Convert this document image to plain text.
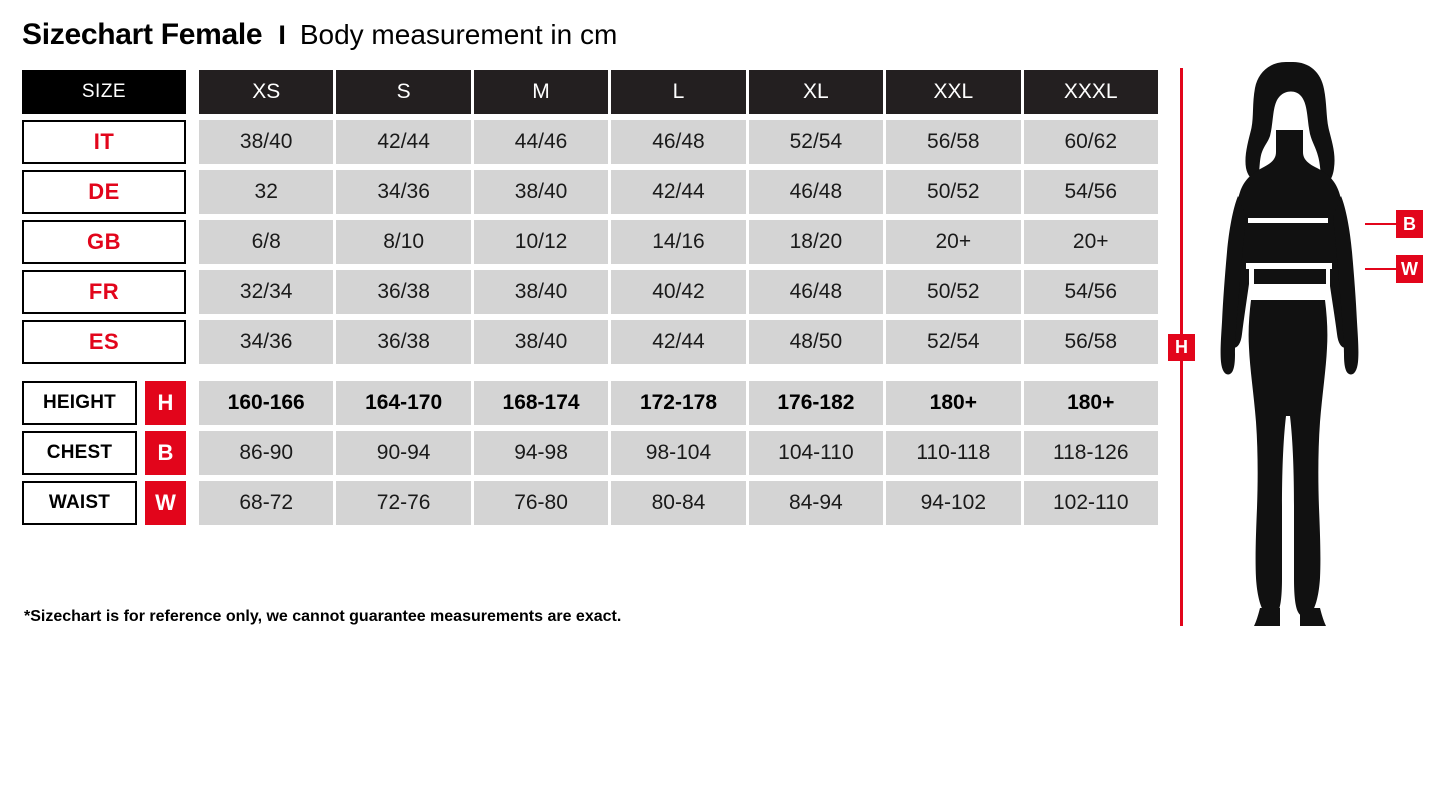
Sizechart Female I Body measurement in cm
SIZE	XS	S	M	L	XL	XXL	XXXL
IT	38/40	42/44	44/46	46/48	52/54	56/58	60/62
DE	32	34/36	38/40	42/44	46/48	50/52	54/56
GB	6/8	8/10	10/12	14/16	18/20	20+	20+
FR	32/34	36/38	38/40	40/42	46/48	50/52	54/56
ES	34/36	36/38	38/40	42/44	48/50	52/54	56/58
HEIGHT	H	160-166	164-170	168-174	172-178	176-182	180+	180+
CHEST	B	86-90	90-94	94-98	98-104	104-110	110-118	118-126
WAIST	W	68-72	72-76	76-80	80-84	84-94	94-102	102-110
*Sizechart is for reference only, we cannot guarantee measurements are exact.
H
B
W
